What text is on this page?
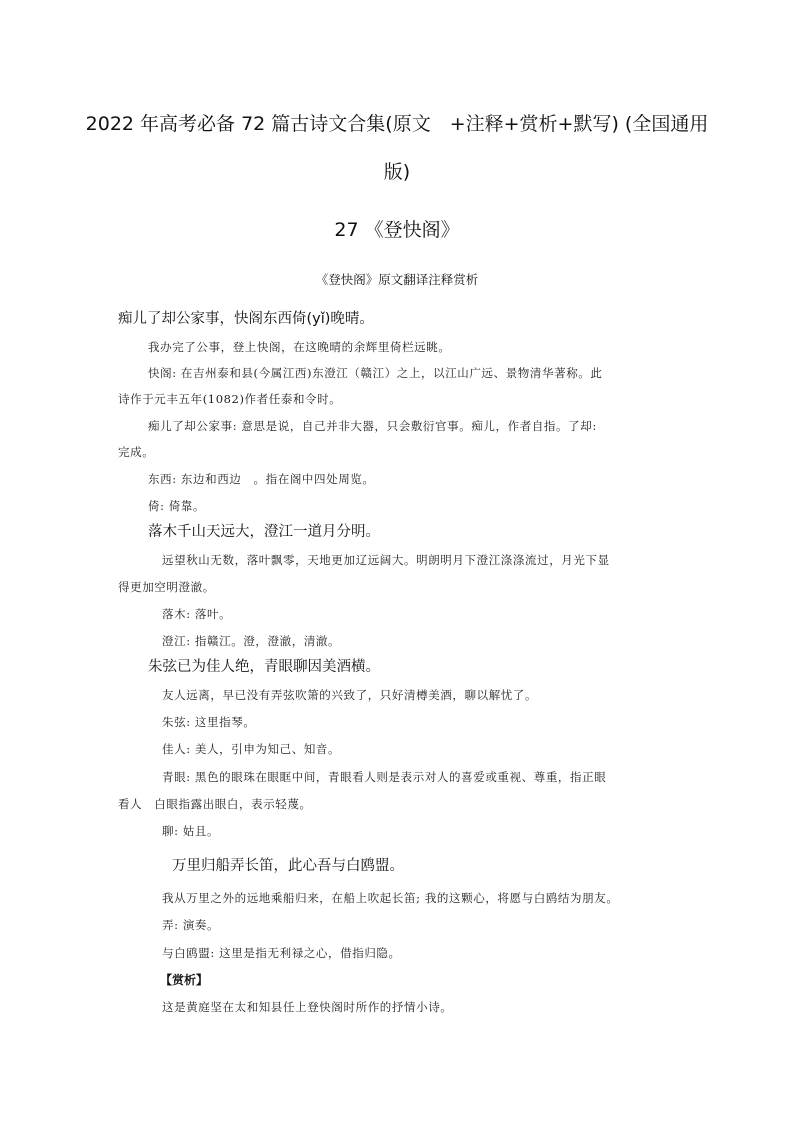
2022 年高考必备 72 篇古诗文合集(原文　+注释+赏析+默写) (全国通用
版)
27 《登快阁》
《登快阁》原文翻译注释赏析
痴儿了却公家事，快阁东西倚(yǐ)晚晴。
我办完了公事，登上快阁，在这晚晴的余辉里倚栏远眺。
快阁: 在吉州泰和县(今属江西)东澄江（赣江）之上，以江山广远、景物清华著称。此
诗作于元丰五年(1082)作者任泰和令时。
痴儿了却公家事: 意思是说，自己并非大器，只会敷衍官事。痴儿，作者自指。了却:
完成。
东西: 东边和西边　。指在阁中四处周览。
倚: 倚靠。
落木千山天远大，澄江一道月分明。
远望秋山无数，落叶飘零，天地更加辽远阔大。明朗明月下澄江涤涤流过，月光下显
得更加空明澄澈。
落木: 落叶。
澄江: 指赣江。澄，澄澈，清澈。
朱弦已为佳人绝，青眼聊因美酒横。
友人远离，早已没有弄弦吹箫的兴致了，只好清樽美酒，聊以解忧了。
朱弦: 这里指琴。
佳人: 美人，引申为知己、知音。
青眼: 黑色的眼珠在眼眶中间，青眼看人则是表示对人的喜爱或重视、尊重，指正眼
看人　白眼指露出眼白，表示轻蔑。
聊: 姑且。
万里归船弄长笛，此心吾与白鸥盟。
我从万里之外的远地乘船归来，在船上吹起长笛; 我的这颗心，将愿与白鸥结为朋友。
弄: 演奏。
与白鸥盟: 这里是指无利禄之心，借指归隐。
【赏析】
这是黄庭坚在太和知县任上登快阁时所作的抒情小诗。
